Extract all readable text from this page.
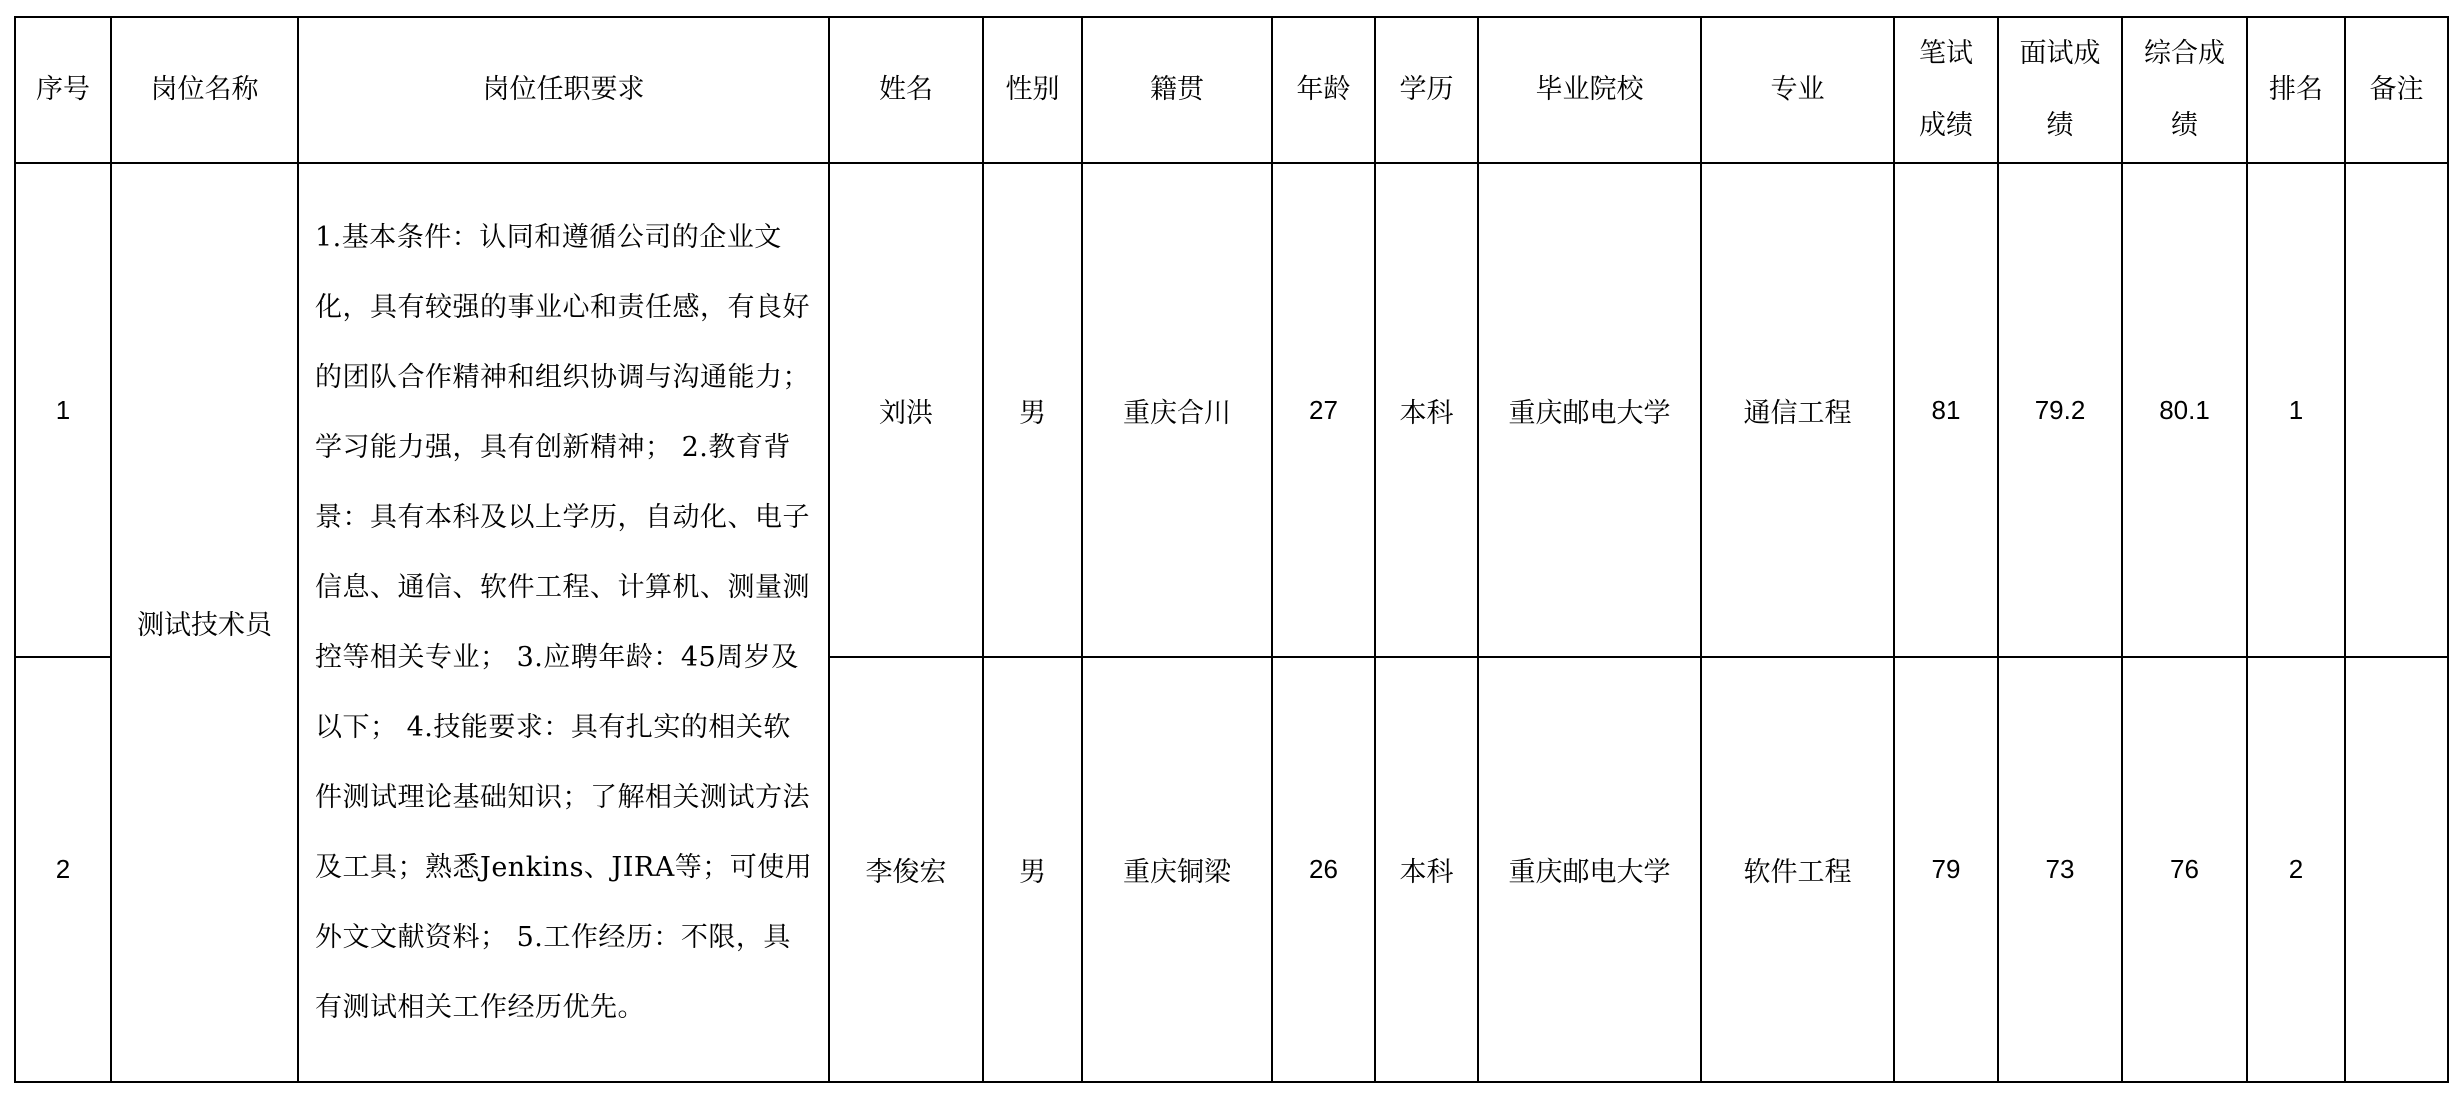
序号	岗位名称	岗位任职要求	姓名	性别	籍贯	年龄	学历	毕业院校	专业	笔试成绩	面试成绩	综合成绩	排名	备注
1	测试技术员	1.基本条件：认同和遵循公司的企业文化，具有较强的事业心和责任感，有良好的团队合作精神和组织协调与沟通能力；学习能力强，具有创新精神； 2.教育背景：具有本科及以上学历，自动化、电子信息、通信、软件工程、计算机、测量测控等相关专业； 3.应聘年龄：45周岁及以下； 4.技能要求：具有扎实的相关软件测试理论基础知识；了解相关测试方法及工具；熟悉Jenkins、JIRA等；可使用外文文献资料； 5.工作经历：不限，具有测试相关工作经历优先。	刘洪	男	重庆合川	27	本科	重庆邮电大学	通信工程	81	79.2	80.1	1	
2			李俊宏	男	重庆铜梁	26	本科	重庆邮电大学	软件工程	79	73	76	2	
